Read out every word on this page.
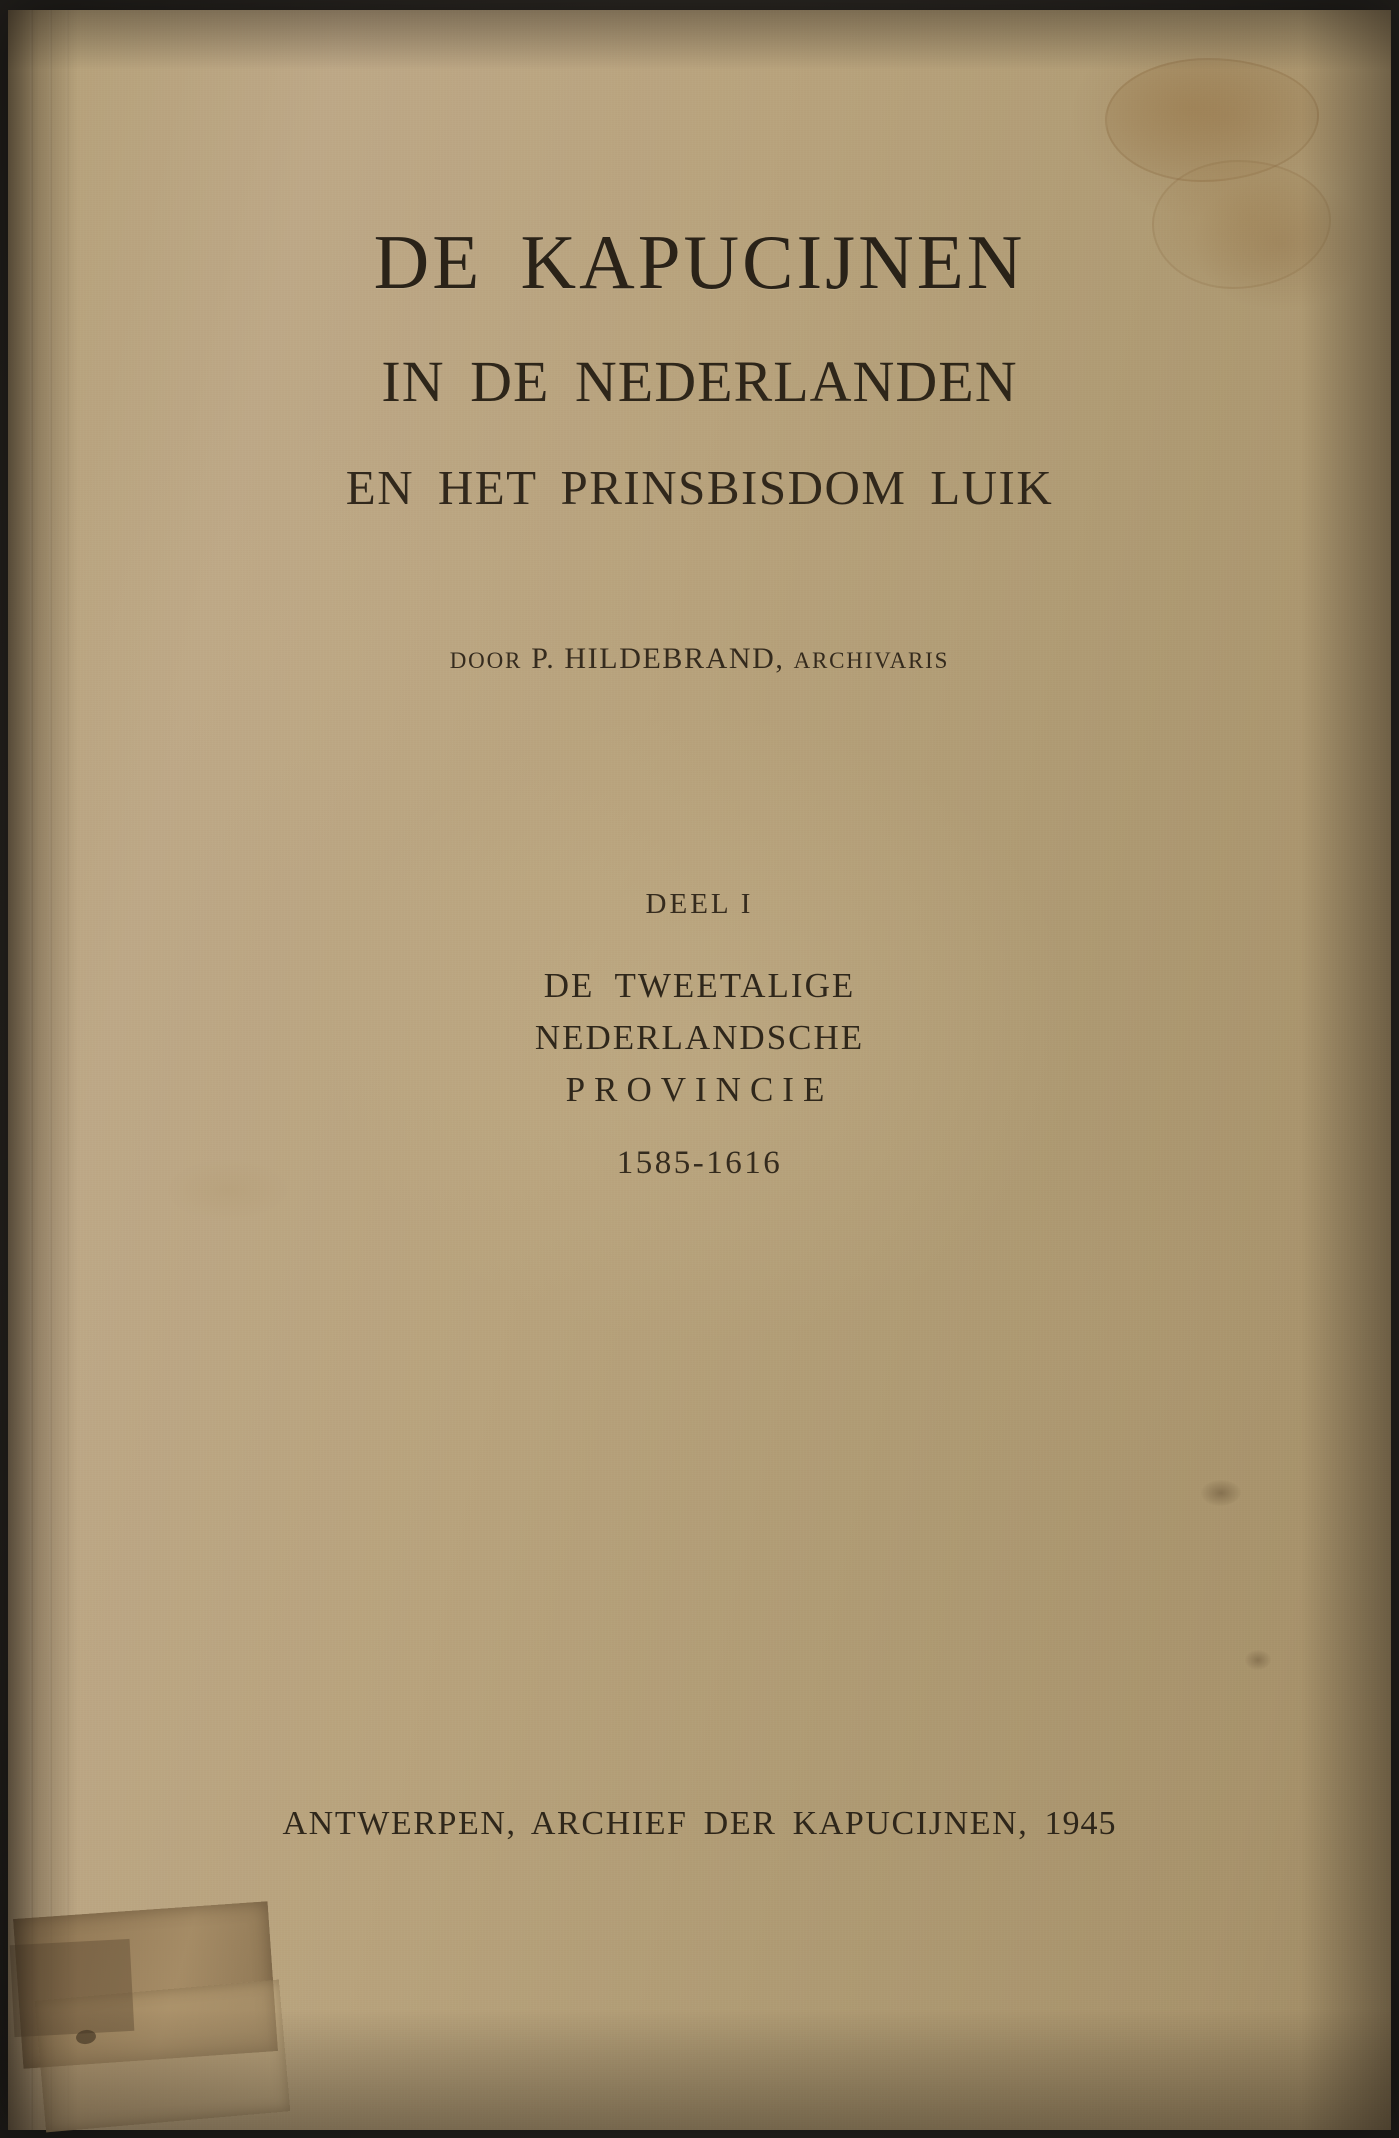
DE KAPUCIJNEN
IN DE NEDERLANDEN
EN HET PRINSBISDOM LUIK
DOOR P. HILDEBRAND, ARCHIVARIS
DEEL I
DE TWEETALIGE
NEDERLANDSCHE
PROVINCIE
1585-1616
ANTWERPEN, ARCHIEF DER KAPUCIJNEN, 1945
